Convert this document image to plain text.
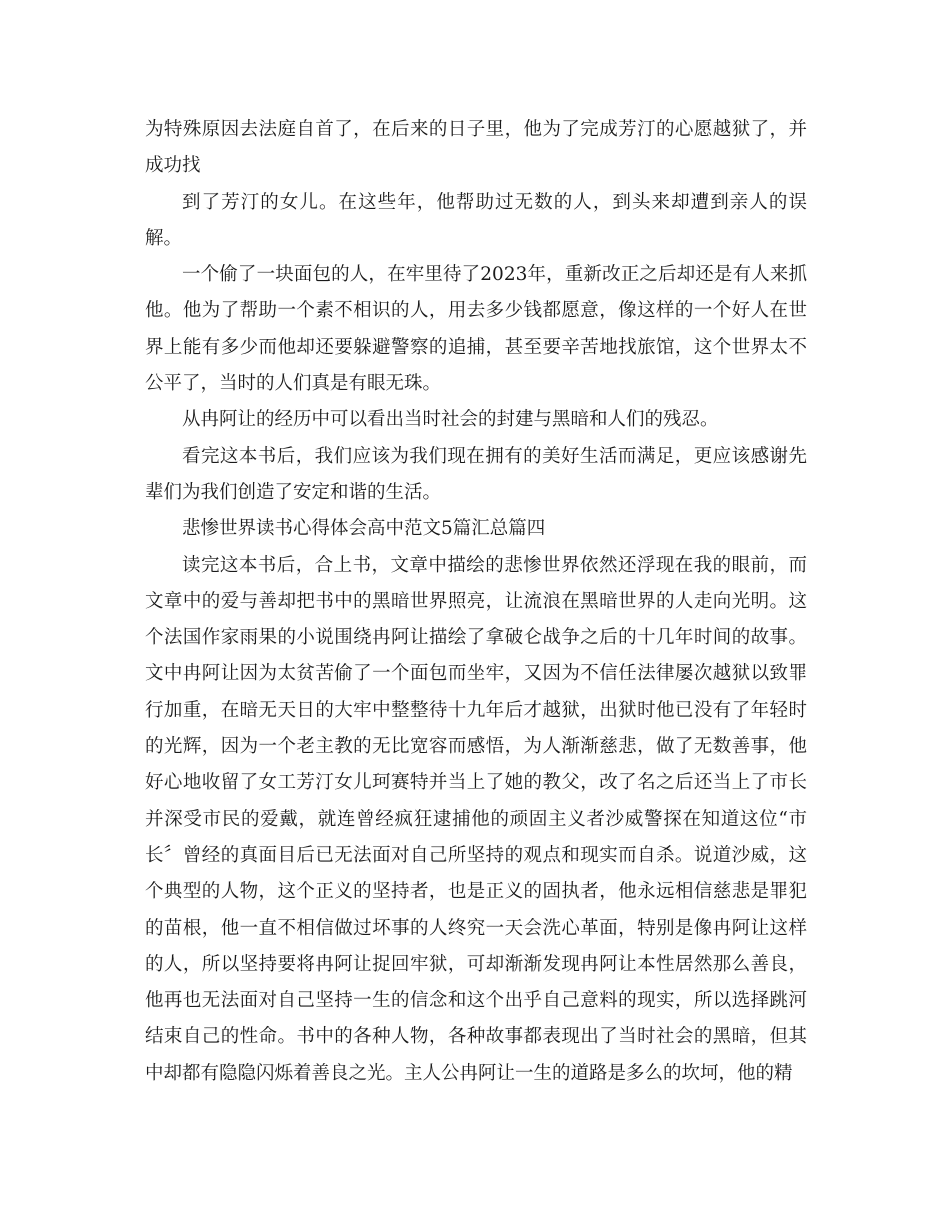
为特殊原因去法庭自首了，在后来的日子里，他为了完成芳汀的心愿越狱了，并成功找

到了芳汀的女儿。在这些年，他帮助过无数的人，到头来却遭到亲人的误解。

一个偷了一块面包的人，在牢里待了2023年，重新改正之后却还是有人来抓他。他为了帮助一个素不相识的人，用去多少钱都愿意，像这样的一个好人在世界上能有多少而他却还要躲避警察的追捕，甚至要辛苦地找旅馆，这个世界太不公平了，当时的人们真是有眼无珠。

从冉阿让的经历中可以看出当时社会的封建与黑暗和人们的残忍。

看完这本书后，我们应该为我们现在拥有的美好生活而满足，更应该感谢先辈们为我们创造了安定和谐的生活。

悲惨世界读书心得体会高中范文5篇汇总篇四

读完这本书后，合上书，文章中描绘的悲惨世界依然还浮现在我的眼前，而文章中的爱与善却把书中的黑暗世界照亮，让流浪在黑暗世界的人走向光明。这个法国作家雨果的小说围绕冉阿让描绘了拿破仑战争之后的十几年时间的故事。文中冉阿让因为太贫苦偷了一个面包而坐牢，又因为不信任法律屡次越狱以致罪行加重，在暗无天日的大牢中整整待十九年后才越狱，出狱时他已没有了年轻时的光辉，因为一个老主教的无比宽容而感悟，为人渐渐慈悲，做了无数善事，他好心地收留了女工芳汀女儿珂赛特并当上了她的教父，改了名之后还当上了市长并深受市民的爱戴，就连曾经疯狂逮捕他的顽固主义者沙威警探在知道这位“市长〞曾经的真面目后已无法面对自己所坚持的观点和现实而自杀。说道沙威，这个典型的人物，这个正义的坚持者，也是正义的固执者，他永远相信慈悲是罪犯的苗根，他一直不相信做过坏事的人终究一天会洗心革面，特别是像冉阿让这样的人，所以坚持要将冉阿让捉回牢狱，可却渐渐发现冉阿让本性居然那么善良，他再也无法面对自己坚持一生的信念和这个出乎自己意料的现实，所以选择跳河结束自己的性命。书中的各种人物，各种故事都表现出了当时社会的黑暗，但其中却都有隐隐闪烁着善良之光。主人公冉阿让一生的道路是多么的坎坷，他的精
